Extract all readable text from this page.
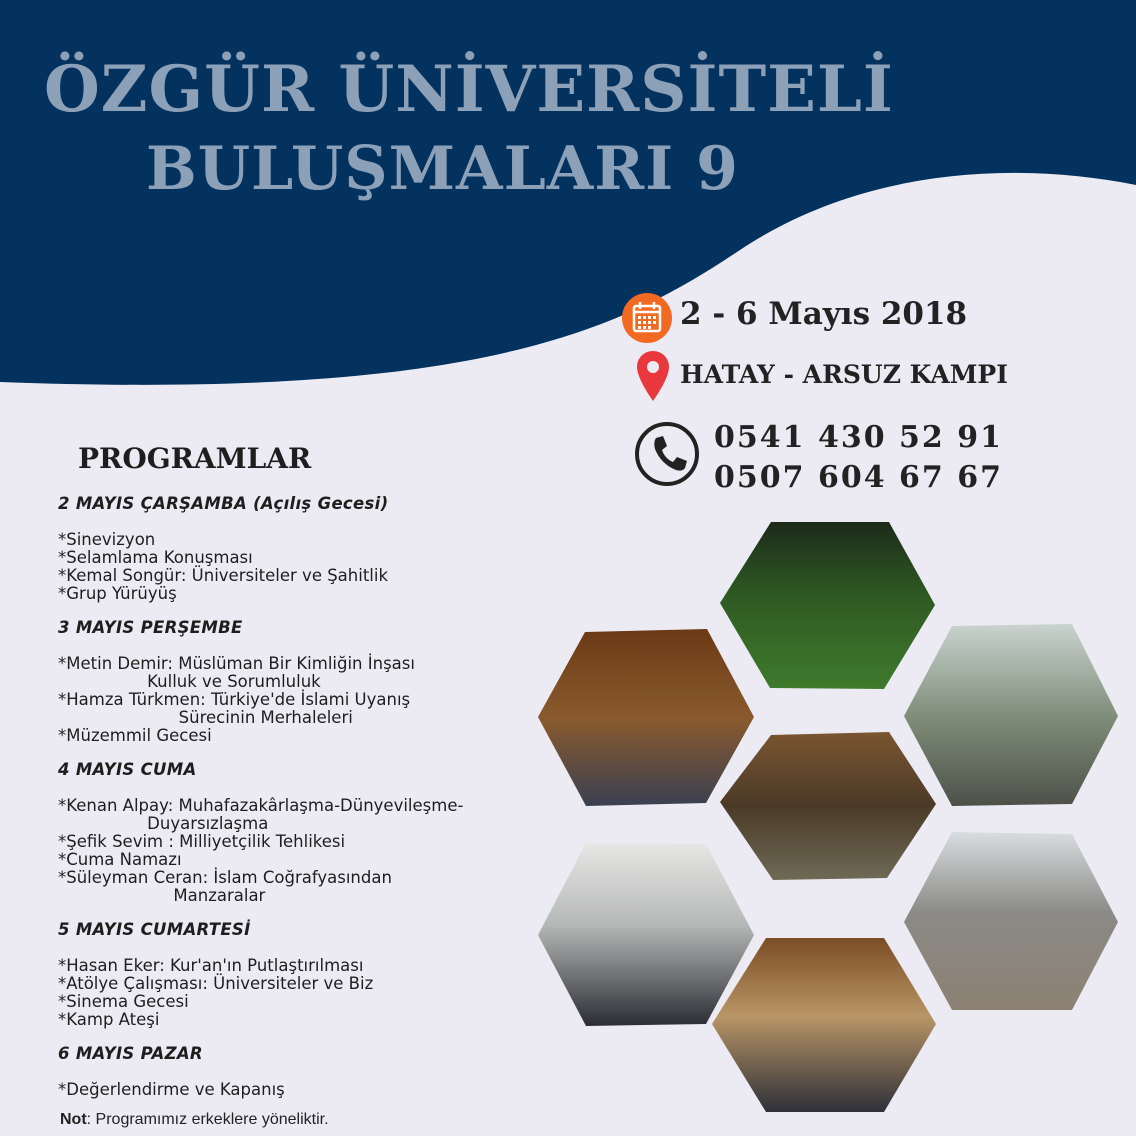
ÖZGÜR ÜNİVERSİTELİ
BULUŞMALARI 9
2 - 6 Mayıs 2018
HATAY - ARSUZ KAMPI
0541 430 52 91
0507 604 67 67
PROGRAMLAR

2 MAYIS ÇARŞAMBA (Açılış Gecesi)

*Sinevizyon

*Selamlama Konuşması

*Kemal Songür: Üniversiteler ve Şahitlik

*Grup Yürüyüş

3 MAYIS PERŞEMBE

*Metin Demir: Müslüman Bir Kimliğin İnşası

Kulluk ve Sorumluluk

*Hamza Türkmen: Türkiye'de İslami Uyanış

Sürecinin Merhaleleri

*Müzemmil Gecesi

4 MAYIS CUMA

*Kenan Alpay: Muhafazakârlaşma-Dünyevileşme-

Duyarsızlaşma

*Şefik Sevim : Milliyetçilik Tehlikesi

*Cuma Namazı

*Süleyman Ceran: İslam Coğrafyasından

Manzaralar

5 MAYIS CUMARTESİ

*Hasan Eker: Kur'an'ın Putlaştırılması

*Atölye Çalışması: Üniversiteler ve Biz

*Sinema Gecesi

*Kamp Ateşi

6 MAYIS PAZAR

*Değerlendirme ve Kapanış

Not: Programımız erkeklere yöneliktir.
